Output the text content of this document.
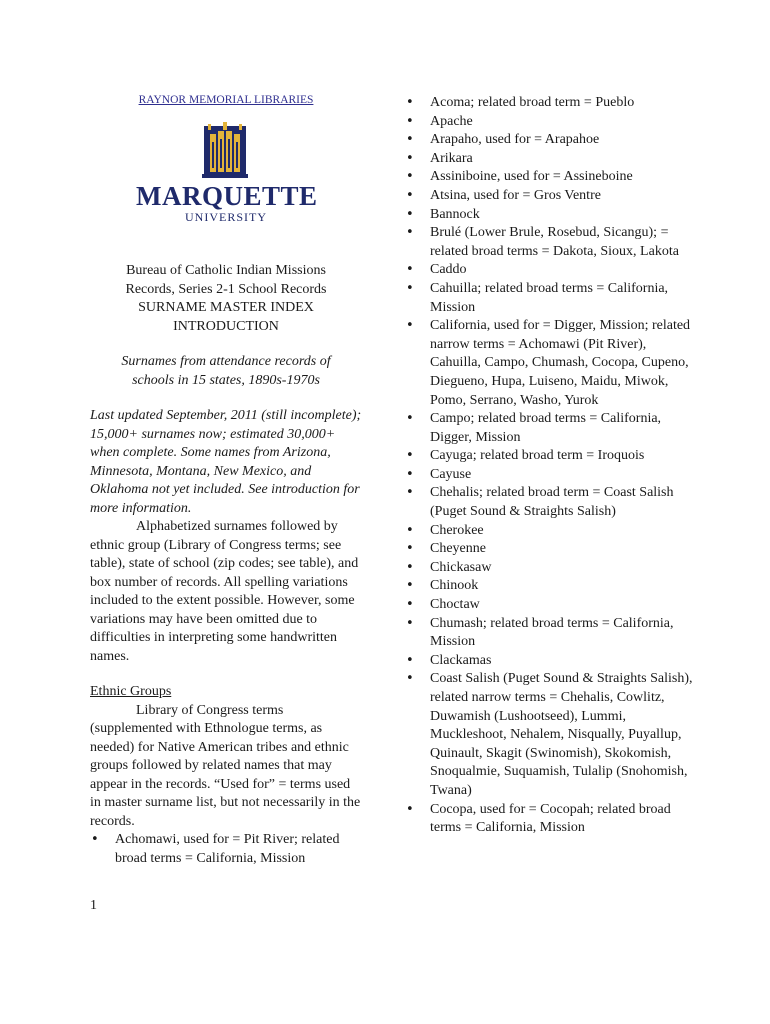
RAYNOR MEMORIAL LIBRARIES
MARQUETTE
UNIVERSITY
Bureau of Catholic Indian Missions
Records, Series 2-1 School Records
SURNAME MASTER INDEX
INTRODUCTION
Surnames from attendance records of
schools in 15 states, 1890s-1970s
Last updated September, 2011 (still incomplete); 15,000+ surnames now; estimated 30,000+ when complete. Some names from Arizona, Minnesota, Montana, New Mexico, and Oklahoma not yet included. See introduction for more information.
Alphabetized surnames followed by ethnic group (Library of Congress terms; see table), state of school (zip codes; see table), and box number of records. All spelling variations included to the extent possible. However, some variations may have been omitted due to difficulties in interpreting some handwritten names.
Ethnic Groups
Library of Congress terms (supplemented with Ethnologue terms, as needed) for Native American tribes and ethnic groups followed by related names that may appear in the records. “Used for” = terms used in master surname list, but not necessarily in the records.
• Achomawi, used for = Pit River; related broad terms = California, Mission
• Acoma; related broad term = Pueblo
• Apache
• Arapaho, used for = Arapahoe
• Arikara
• Assiniboine, used for = Assineboine
• Atsina, used for = Gros Ventre
• Bannock
• Brulé (Lower Brule, Rosebud, Sicangu); = related broad terms = Dakota, Sioux, Lakota
• Caddo
• Cahuilla; related broad terms = California, Mission
• California, used for = Digger, Mission; related narrow terms = Achomawi (Pit River), Cahuilla, Campo, Chumash, Cocopa, Cupeno, Diegueno, Hupa, Luiseno, Maidu, Miwok, Pomo, Serrano, Washo, Yurok
• Campo; related broad terms = California, Digger, Mission
• Cayuga; related broad term = Iroquois
• Cayuse
• Chehalis; related broad term = Coast Salish (Puget Sound & Straights Salish)
• Cherokee
• Cheyenne
• Chickasaw
• Chinook
• Choctaw
• Chumash; related broad terms = California, Mission
• Clackamas
• Coast Salish (Puget Sound & Straights Salish), related narrow terms = Chehalis, Cowlitz, Duwamish (Lushootseed), Lummi, Muckleshoot, Nehalem, Nisqually, Puyallup, Quinault, Skagit (Swinomish), Skokomish, Snoqualmie, Suquamish, Tulalip (Snohomish, Twana)
• Cocopa, used for = Cocopah; related broad terms = California, Mission
1
